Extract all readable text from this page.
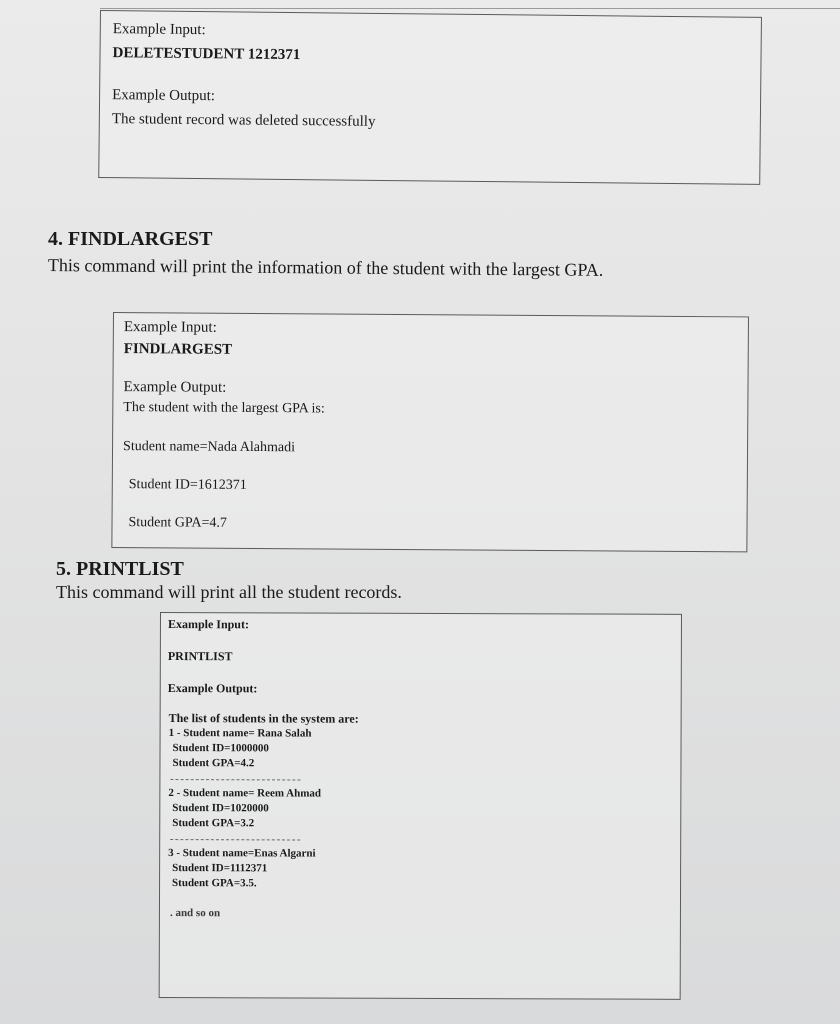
Example Input:
DELETESTUDENT 1212371
Example Output:
The student record was deleted successfully
4. FINDLARGEST
This command will print the information of the student with the largest GPA.
Example Input:
FINDLARGEST
Example Output:
The student with the largest GPA is:
Student name=Nada Alahmadi
Student ID=1612371
Student GPA=4.7
5. PRINTLIST
This command will print all the student records.
Example Input:
PRINTLIST
Example Output:
The list of students in the system are:
1 - Student name= Rana Salah
Student ID=1000000
Student GPA=4.2
2 - Student name= Reem Ahmad
Student ID=1020000
Student GPA=3.2
3 - Student name=Enas Algarni
Student ID=1112371
Student GPA=3.5.
. and so on
